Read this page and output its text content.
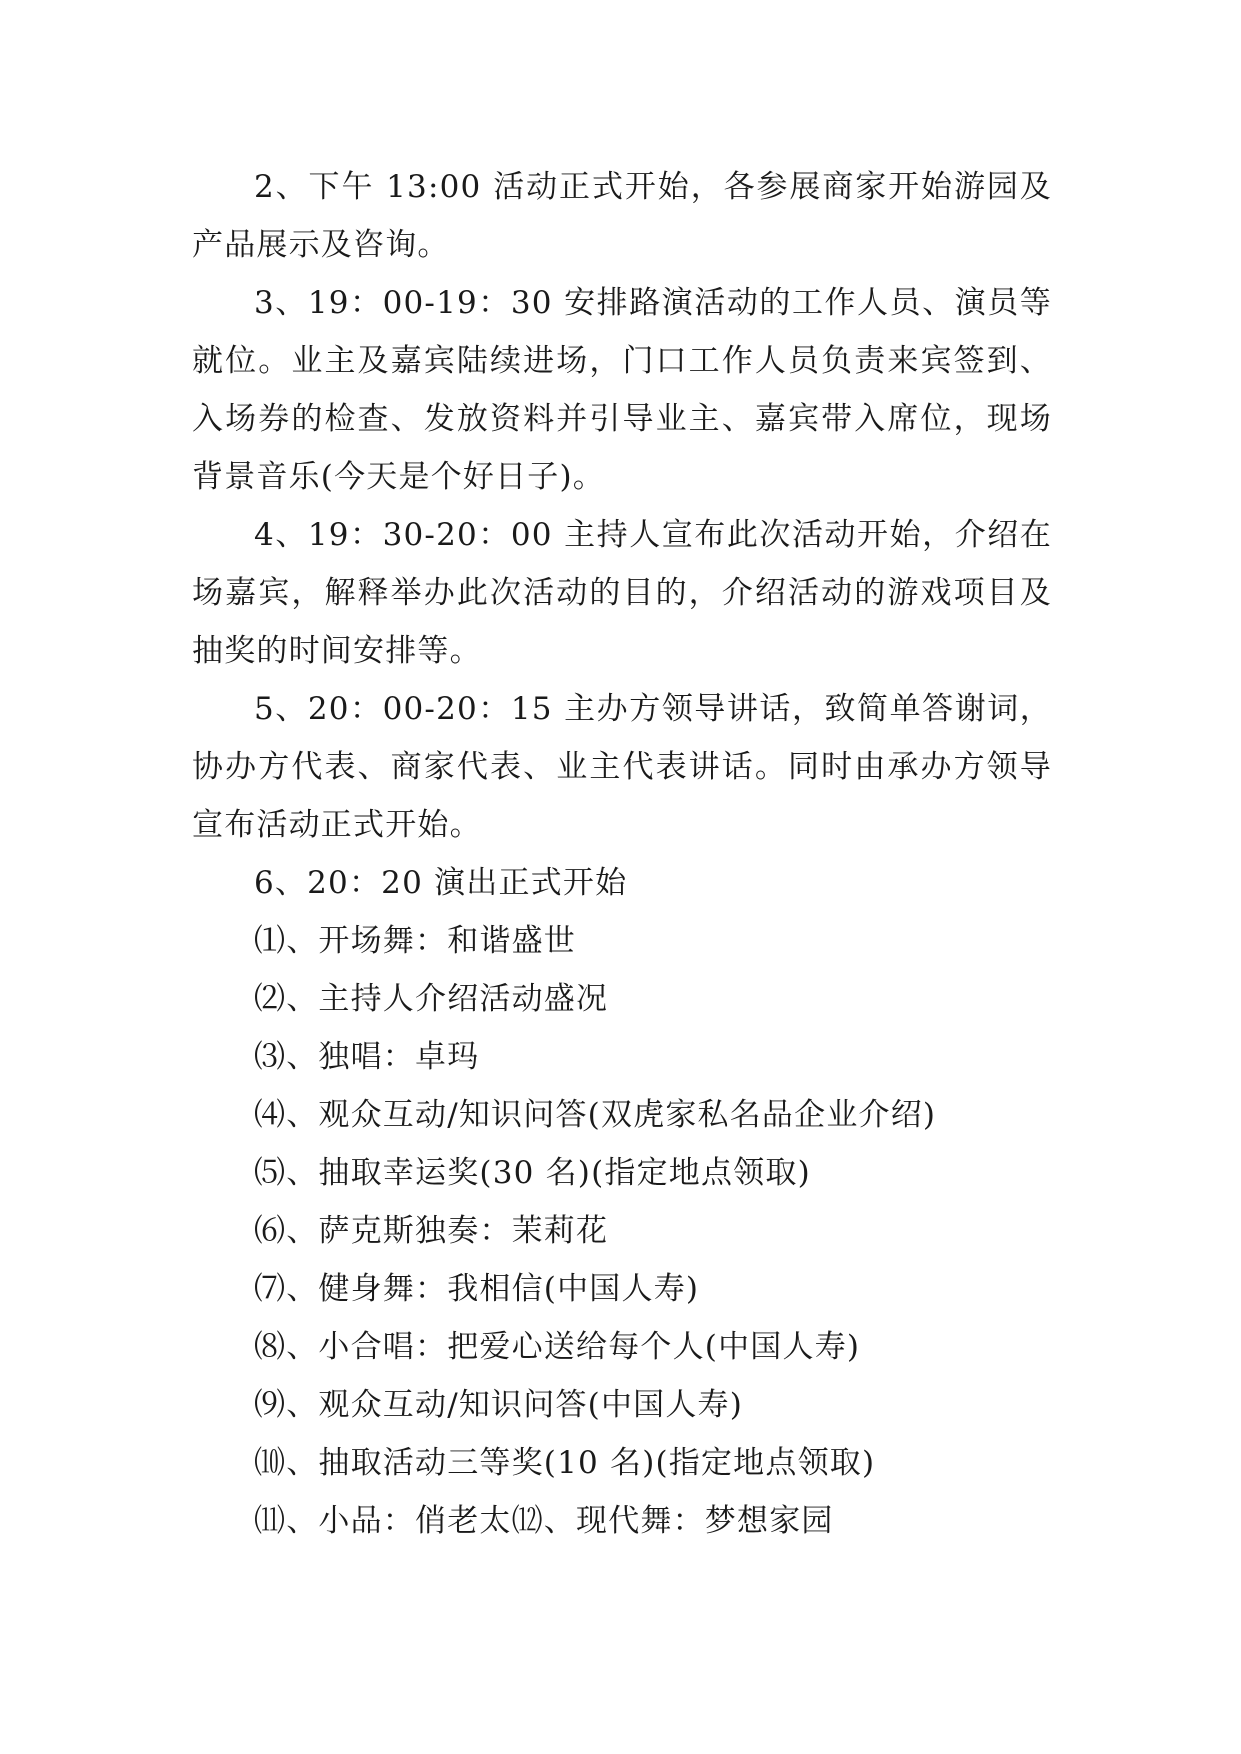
2、下午 13:00 活动正式开始，各参展商家开始游园及产品展示及咨询。

3、19：00-19：30 安排路演活动的工作人员、演员等就位。业主及嘉宾陆续进场，门口工作人员负责来宾签到、入场券的检查、发放资料并引导业主、嘉宾带入席位，现场背景音乐(今天是个好日子)。

4、19：30-20：00 主持人宣布此次活动开始，介绍在场嘉宾，解释举办此次活动的目的，介绍活动的游戏项目及抽奖的时间安排等。

5、20：00-20：15 主办方领导讲话，致简单答谢词，协办方代表、商家代表、业主代表讲话。同时由承办方领导宣布活动正式开始。

6、20：20 演出正式开始

⑴、开场舞：和谐盛世

⑵、主持人介绍活动盛况

⑶、独唱：卓玛

⑷、观众互动/知识问答(双虎家私名品企业介绍)

⑸、抽取幸运奖(30 名)(指定地点领取)

⑹、萨克斯独奏：茉莉花

⑺、健身舞：我相信(中国人寿)

⑻、小合唱：把爱心送给每个人(中国人寿)

⑼、观众互动/知识问答(中国人寿)

⑽、抽取活动三等奖(10 名)(指定地点领取)

⑾、小品：俏老太⑿、现代舞：梦想家园
